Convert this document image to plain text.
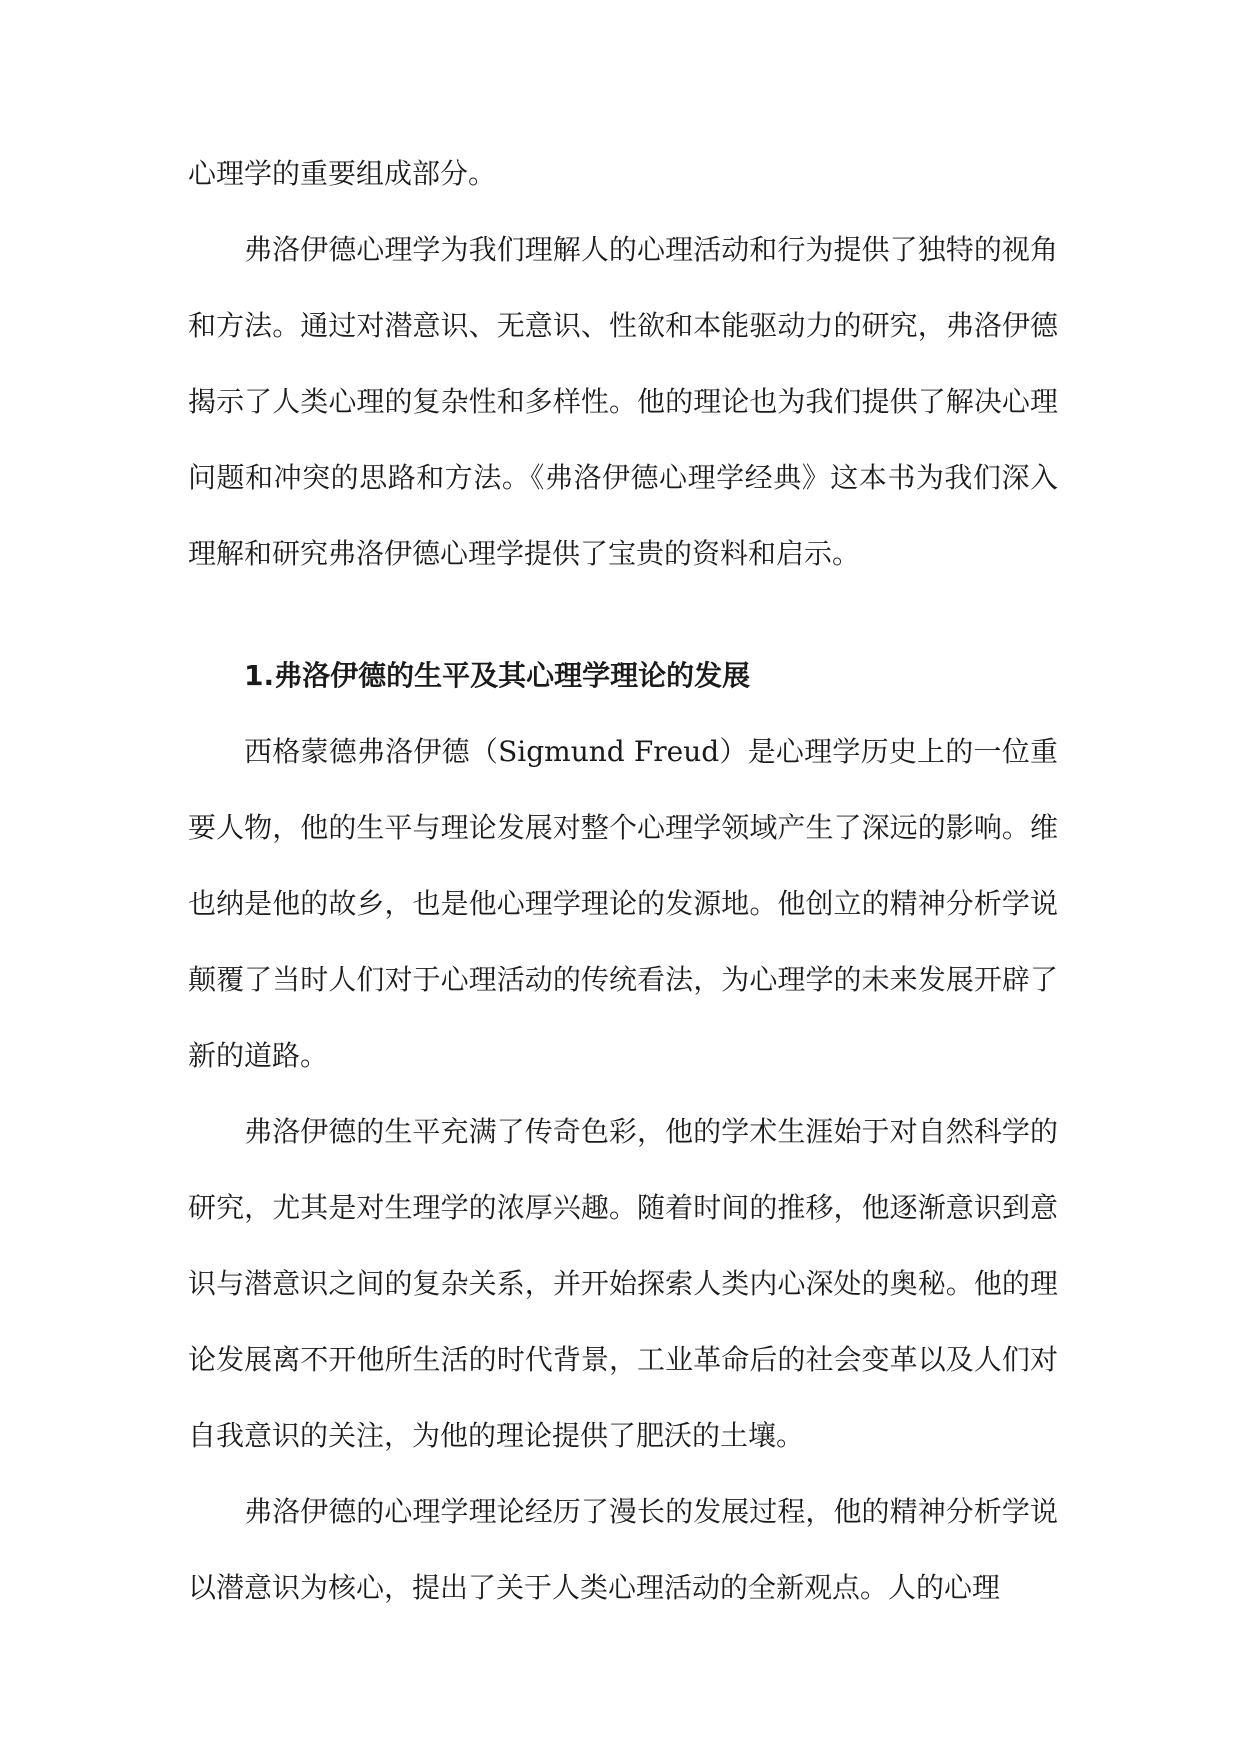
心理学的重要组成部分。

弗洛伊德心理学为我们理解人的心理活动和行为提供了独特的视角和方法。通过对潜意识、无意识、性欲和本能驱动力的研究，弗洛伊德揭示了人类心理的复杂性和多样性。他的理论也为我们提供了解决心理问题和冲突的思路和方法。《弗洛伊德心理学经典》这本书为我们深入理解和研究弗洛伊德心理学提供了宝贵的资料和启示。

1.弗洛伊德的生平及其心理学理论的发展

西格蒙德弗洛伊德（Sigmund Freud）是心理学历史上的一位重要人物，他的生平与理论发展对整个心理学领域产生了深远的影响。维也纳是他的故乡，也是他心理学理论的发源地。他创立的精神分析学说颠覆了当时人们对于心理活动的传统看法，为心理学的未来发展开辟了新的道路。

弗洛伊德的生平充满了传奇色彩，他的学术生涯始于对自然科学的研究，尤其是对生理学的浓厚兴趣。随着时间的推移，他逐渐意识到意识与潜意识之间的复杂关系，并开始探索人类内心深处的奥秘。他的理论发展离不开他所生活的时代背景，工业革命后的社会变革以及人们对自我意识的关注，为他的理论提供了肥沃的土壤。

弗洛伊德的心理学理论经历了漫长的发展过程，他的精神分析学说以潜意识为核心，提出了关于人类心理活动的全新观点。人的心理
